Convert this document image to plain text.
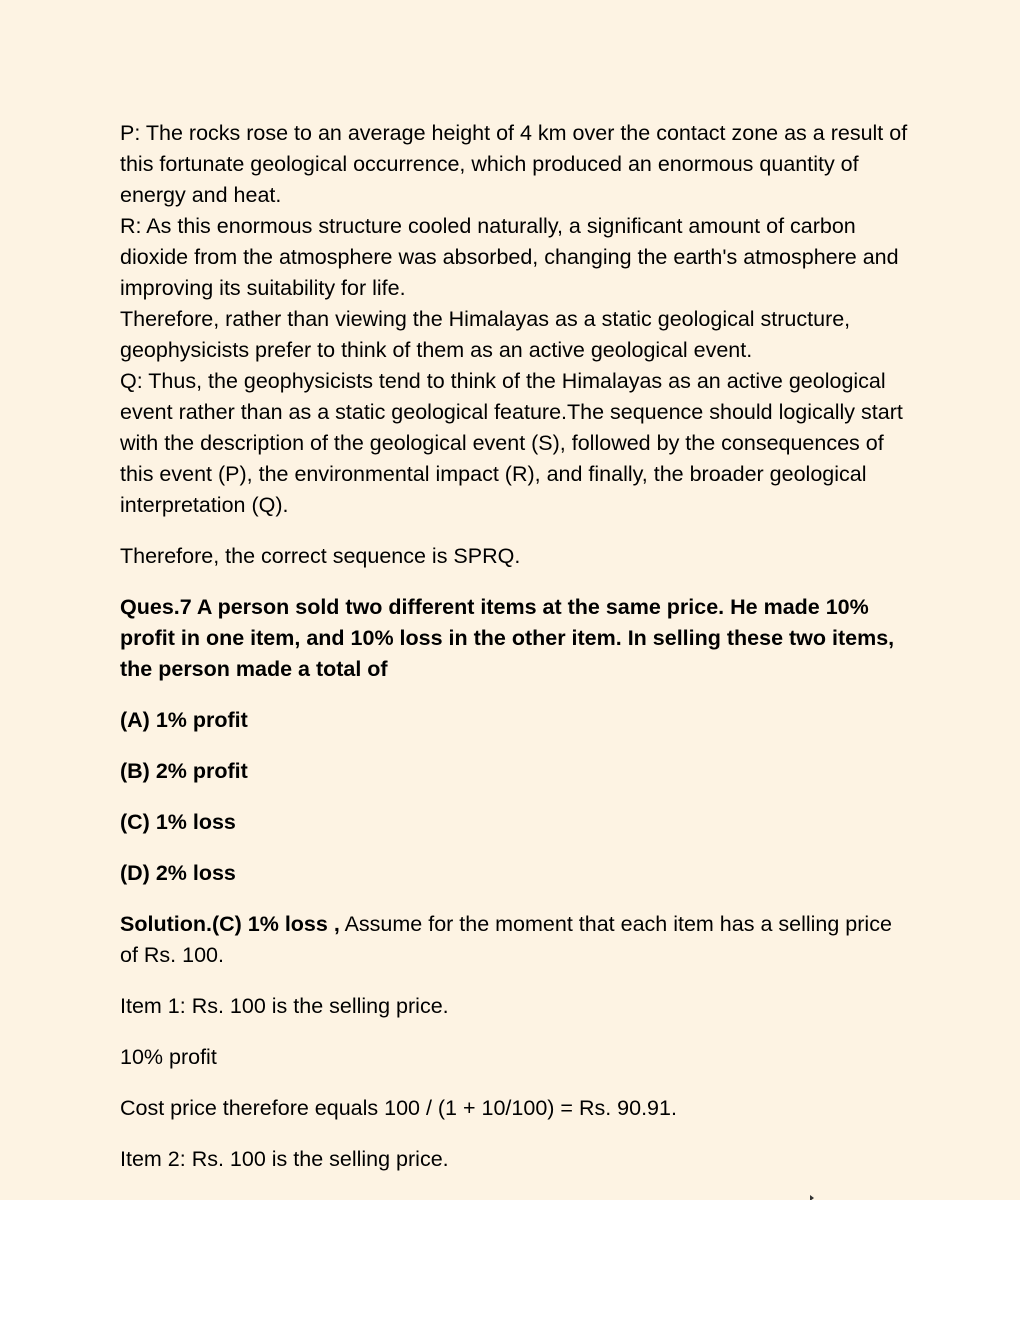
P: The rocks rose to an average height of 4 km over the contact zone as a result of this fortunate geological occurrence, which produced an enormous quantity of energy and heat.

R: As this enormous structure cooled naturally, a significant amount of carbon dioxide from the atmosphere was absorbed, changing the earth's atmosphere and improving its suitability for life.

Therefore, rather than viewing the Himalayas as a static geological structure, geophysicists prefer to think of them as an active geological event.

Q: Thus, the geophysicists tend to think of the Himalayas as an active geological event rather than as a static geological feature.The sequence should logically start with the description of the geological event (S), followed by the consequences of this event (P), the environmental impact (R), and finally, the broader geological interpretation (Q).

Therefore, the correct sequence is SPRQ.

Ques.7 A person sold two different items at the same price. He made 10% profit in one item, and 10% loss in the other item. In selling these two items, the person made a total of

(A) 1% profit

(B) 2% profit

(C) 1% loss

(D) 2% loss

Solution.(C) 1% loss , Assume for the moment that each item has a selling price of Rs. 100.

Item 1: Rs. 100 is the selling price.

10% profit

Cost price therefore equals 100 / (1 + 10/100) = Rs. 90.91.

Item 2: Rs. 100 is the selling price.
